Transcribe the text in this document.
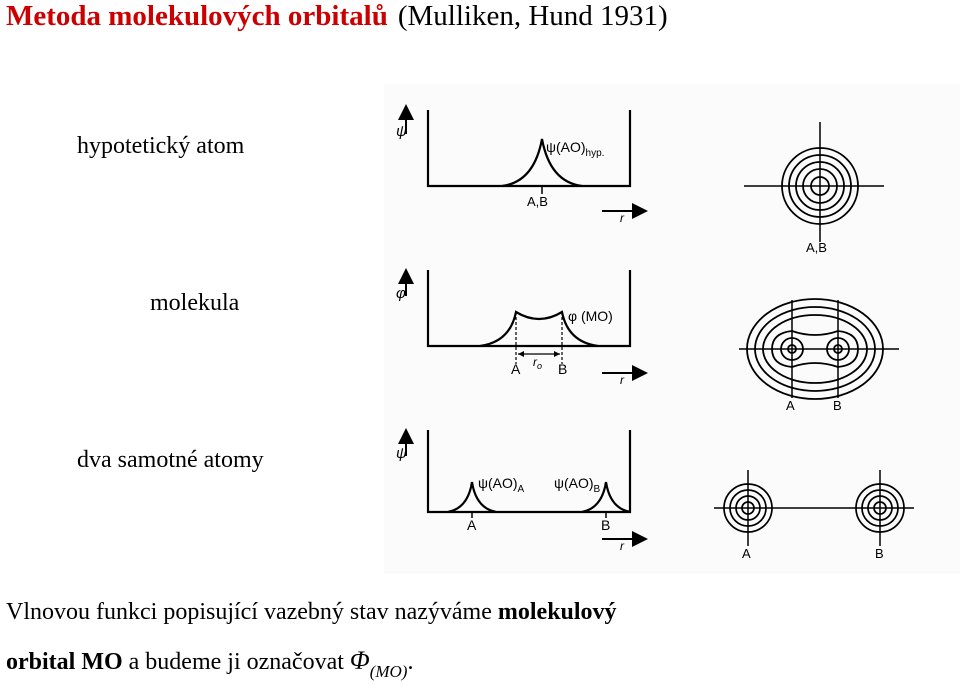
Metoda molekulových orbitalů (Mulliken, Hund 1931)
hypotetický atom
molekula
dva samotné atomy
ψ
$\psi(AO)_{hyp.}$
A,B
r
A,B
φ
φ (MO)
$r_o$
A	B
r
A	B
ψ
$\psi(AO)_A$ $\psi(AO)_B$
A	B
r	A	B
Vlnovou funkci popisující vazebný stav nazýváme molekulový
orbital MO a budeme ji označovat $\Phi_{(MO)}$.
